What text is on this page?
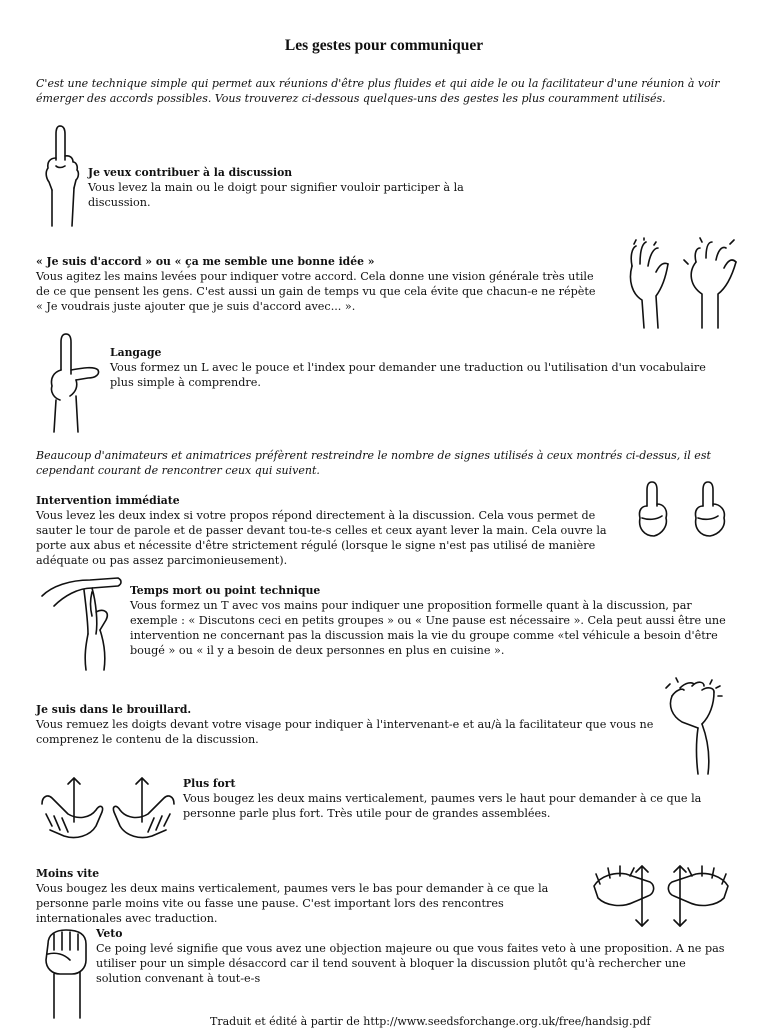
Les gestes pour communiquer
C'est une technique simple qui permet aux réunions d'être plus fluides et qui aide le ou la facilitateur d'une réunion à voir émerger des accords possibles. Vous trouverez ci-dessous quelques-uns des gestes les plus couramment utilisés.
Je veux contribuer à la discussion
Vous levez la main ou le doigt pour signifier vouloir participer à la discussion.
« Je suis d'accord » ou « ça me semble une bonne idée »
Vous agitez les mains levées pour indiquer votre accord. Cela donne une vision générale très utile de ce que pensent les gens. C'est aussi un gain de temps vu que cela évite que chacun-e ne répète « Je voudrais juste ajouter que je suis d'accord avec... ».
Langage
Vous formez un L avec le pouce et l'index pour demander une traduction ou l'utilisation d'un vocabulaire plus simple à comprendre.
Beaucoup d'animateurs et animatrices préfèrent restreindre le nombre de signes utilisés à ceux montrés ci-dessus, il est cependant courant de rencontrer ceux qui suivent.
Intervention immédiate
Vous levez les deux index si votre propos répond directement à la discussion. Cela vous permet de sauter le tour de parole et de passer devant tou-te-s celles et ceux ayant lever la main. Cela ouvre la porte aux abus et nécessite d'être strictement régulé (lorsque le signe n'est pas utilisé de manière adéquate ou pas assez parcimonieusement).
Temps mort ou point technique
Vous formez un T avec vos mains pour indiquer une proposition formelle quant à la discussion, par exemple : « Discutons ceci en petits groupes » ou « Une pause est nécessaire ». Cela peut aussi être une intervention ne concernant pas la discussion mais la vie du groupe comme «tel véhicule a besoin d'être bougé » ou « il y a besoin de deux personnes en plus en cuisine ».
Je suis dans le brouillard.
Vous remuez les doigts devant votre visage pour indiquer à l'intervenant-e et au/à la facilitateur que vous ne comprenez le contenu de la discussion.
Plus fort
Vous bougez les deux mains verticalement, paumes vers le haut pour demander à ce que la personne parle plus fort. Très utile pour de grandes assemblées.
Moins vite
Vous bougez les deux mains verticalement, paumes vers le bas pour demander à ce que la personne parle moins vite ou fasse une pause. C'est important lors des rencontres internationales avec traduction.
Veto
Ce poing levé signifie que vous avez une objection majeure ou que vous faites veto à une proposition. A ne pas utiliser pour un simple désaccord car il tend souvent à bloquer la discussion plutôt qu'à rechercher une solution convenant à tout-e-s
Traduit et édité à partir de http://www.seedsforchange.org.uk/free/handsig.pdf
